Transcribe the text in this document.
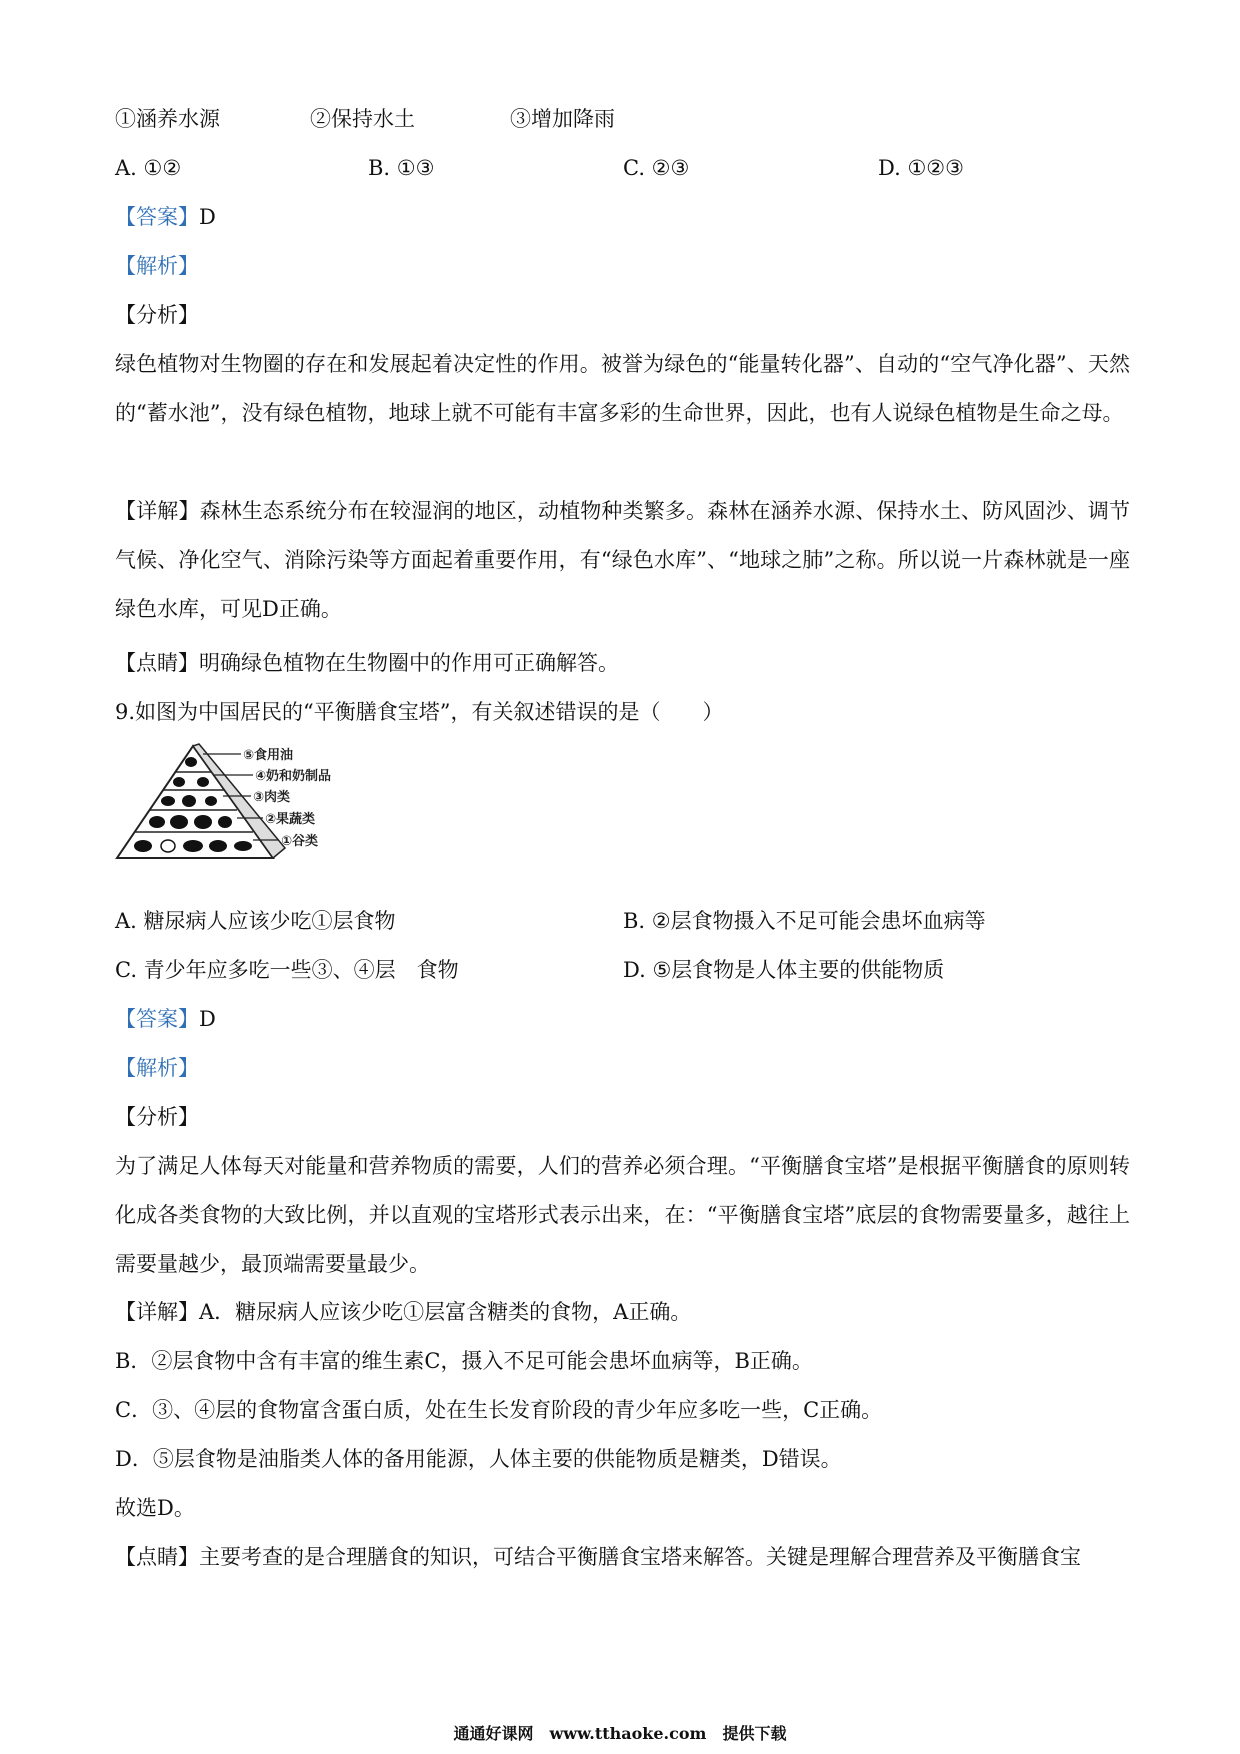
①涵养水源	②保持水土	③增加降雨
A. ①②	B. ①③	C. ②③	D. ①②③
【答案】D
【解析】
【分析】
绿色植物对生物圈的存在和发展起着决定性的作用。被誉为绿色的“能量转化器”、自动的“空气净化器”、天然的“蓄水池”，没有绿色植物，地球上就不可能有丰富多彩的生命世界，因此，也有人说绿色植物是生命之母。
【详解】森林生态系统分布在较湿润的地区，动植物种类繁多。森林在涵养水源、保持水土、防风固沙、调节气候、净化空气、消除污染等方面起着重要作用，有“绿色水库”、“地球之肺”之称。所以说一片森林就是一座绿色水库，可见D正确。
【点睛】明确绿色植物在生物圈中的作用可正确解答。
9.如图为中国居民的“平衡膳食宝塔”，有关叙述错误的是（　　）
⑤食用油
④奶和奶制品
③肉类
②果蔬类
①谷类
A. 糖尿病人应该少吃①层食物	B. ②层食物摄入不足可能会患坏血病等
C. 青少年应多吃一些③、④层　食物	D. ⑤层食物是人体主要的供能物质
【答案】D
【解析】
【分析】
为了满足人体每天对能量和营养物质的需要，人们的营养必须合理。“平衡膳食宝塔”是根据平衡膳食的原则转化成各类食物的大致比例，并以直观的宝塔形式表示出来，在：“平衡膳食宝塔”底层的食物需要量多，越往上需要量越少，最顶端需要量最少。
【详解】A．糖尿病人应该少吃①层富含糖类的食物，A正确。
B．②层食物中含有丰富的维生素C，摄入不足可能会患坏血病等，B正确。
C．③、④层的食物富含蛋白质，处在生长发育阶段的青少年应多吃一些，C正确。
D．⑤层食物是油脂类人体的备用能源，人体主要的供能物质是糖类，D错误。
故选D。
【点睛】主要考查的是合理膳食的知识，可结合平衡膳食宝塔来解答。关键是理解合理营养及平衡膳食宝
通通好课网　www.tthaoke.com　提供下载
